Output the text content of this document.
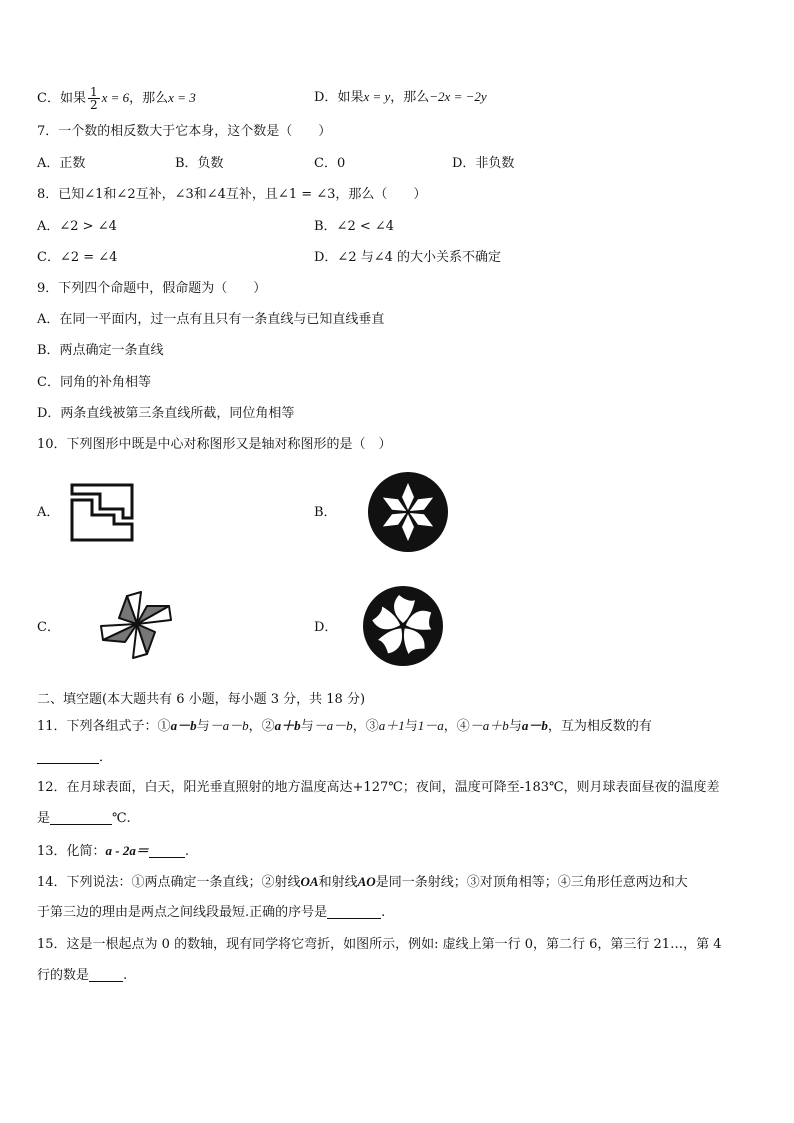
C．如果 $\frac{1}{2}$ x = 6，那么x = 3	D．如果x = y，那么−2x = −2y
7．一个数的相反数大于它本身，这个数是（　　）
A．正数	B．负数	C．0	D．非负数
8．已知∠1和∠2互补，∠3和∠4互补，且∠1 = ∠3，那么（　　）
A．∠2 > ∠4	B．∠2 < ∠4
C．∠2 = ∠4	D．∠2 与∠4 的大小关系不确定
9．下列四个命题中，假命题为（　　）
A．在同一平面内，过一点有且只有一条直线与已知直线垂直
B．两点确定一条直线
C．同角的补角相等
D．两条直线被第三条直线所截，同位角相等
10．下列图形中既是中心对称图形又是轴对称图形的是（　）
A．	B．
C．	D．
二、填空题(本大题共有 6 小题，每小题 3 分，共 18 分)
11．下列各组式子：①a－b与－a－b，②a＋b与－a－b，③a＋1与1－a，④－a＋b与a－b，互为相反数的有
．
12．在月球表面，白天，阳光垂直照射的地方温度高达+127℃；夜间，温度可降至-183℃，则月球表面昼夜的温度差
是	℃.
13．化简：a - 2a＝	.
14．下列说法：①两点确定一条直线；②射线OA和射线AO是同一条射线；③对顶角相等；④三角形任意两边和大
于第三边的理由是两点之间线段最短.正确的序号是	.
15．这是一根起点为 0 的数轴，现有同学将它弯折，如图所示，例如: 虚线上第一行 0，第二行 6，第三行 21…，第 4
行的数是	.
